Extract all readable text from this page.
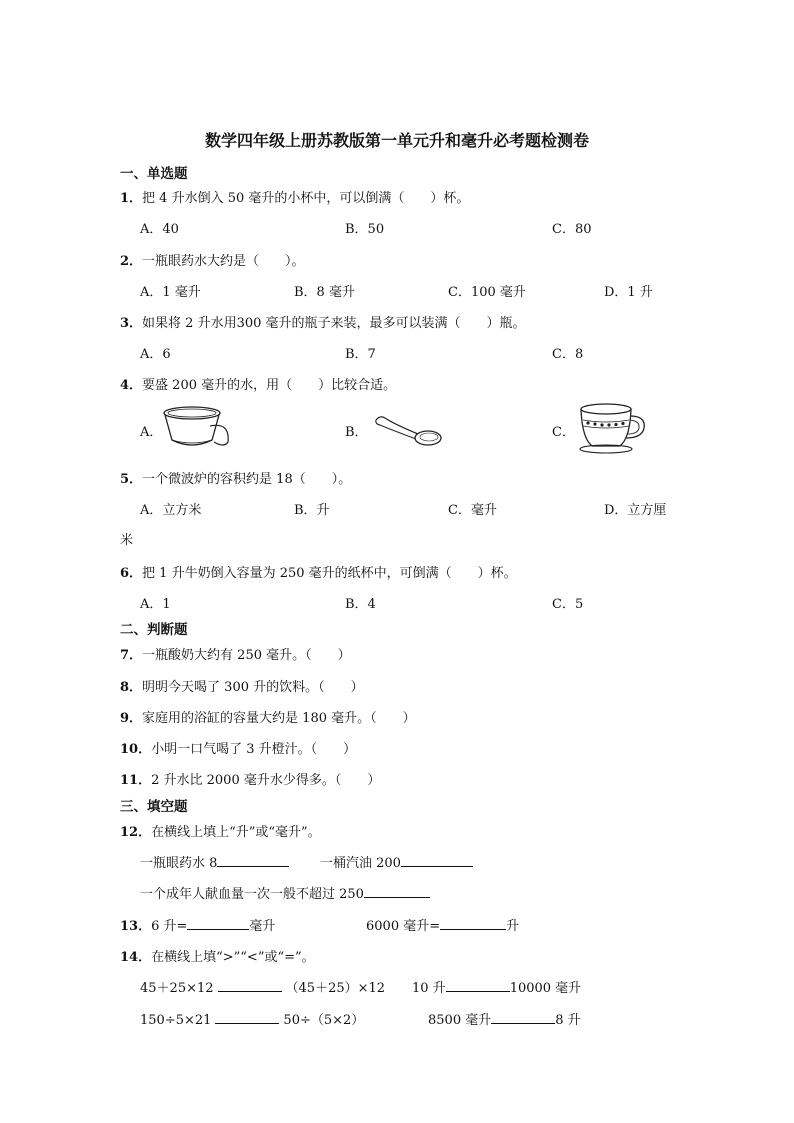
数学四年级上册苏教版第一单元升和毫升必考题检测卷
一、单选题
1．把 4 升水倒入 50 毫升的小杯中，可以倒满（　　）杯。
A．40	B．50	C．80
2．一瓶眼药水大约是（　　）。
A．1 毫升	B．8 毫升	C．100 毫升	D．1 升
3．如果将 2 升水用300 毫升的瓶子来装，最多可以装满（　　）瓶。
A．6	B．7	C．8
4．要盛 200 毫升的水，用（　　）比较合适。
A．	B．	C．
5．一个微波炉的容积约是 18（　　）。
A．立方米	B．升	C．毫升	D．立方厘
米
6．把 1 升牛奶倒入容量为 250 毫升的纸杯中，可倒满（　　）杯。
A．1	B．4	C．5
二、判断题
7．一瓶酸奶大约有 250 毫升。（　　）
8．明明今天喝了 300 升的饮料。（　　）
9．家庭用的浴缸的容量大约是 180 毫升。（　　）
10．小明一口气喝了 3 升橙汁。（　　）
11．2 升水比 2000 毫升水少得多。（　　）
三、填空题
12．在横线上填上“升”或“毫升”。
一瓶眼药水 8	一桶汽油 200
一个成年人献血量一次一般不超过 250
13．6 升=	毫升	6000 毫升=	升
14．在横线上填“>”“<”或“=”。
45＋25×12	（45＋25）×12 10 升	10000 毫升
150÷5×21	50÷（5×2）	8500 毫升	8 升
